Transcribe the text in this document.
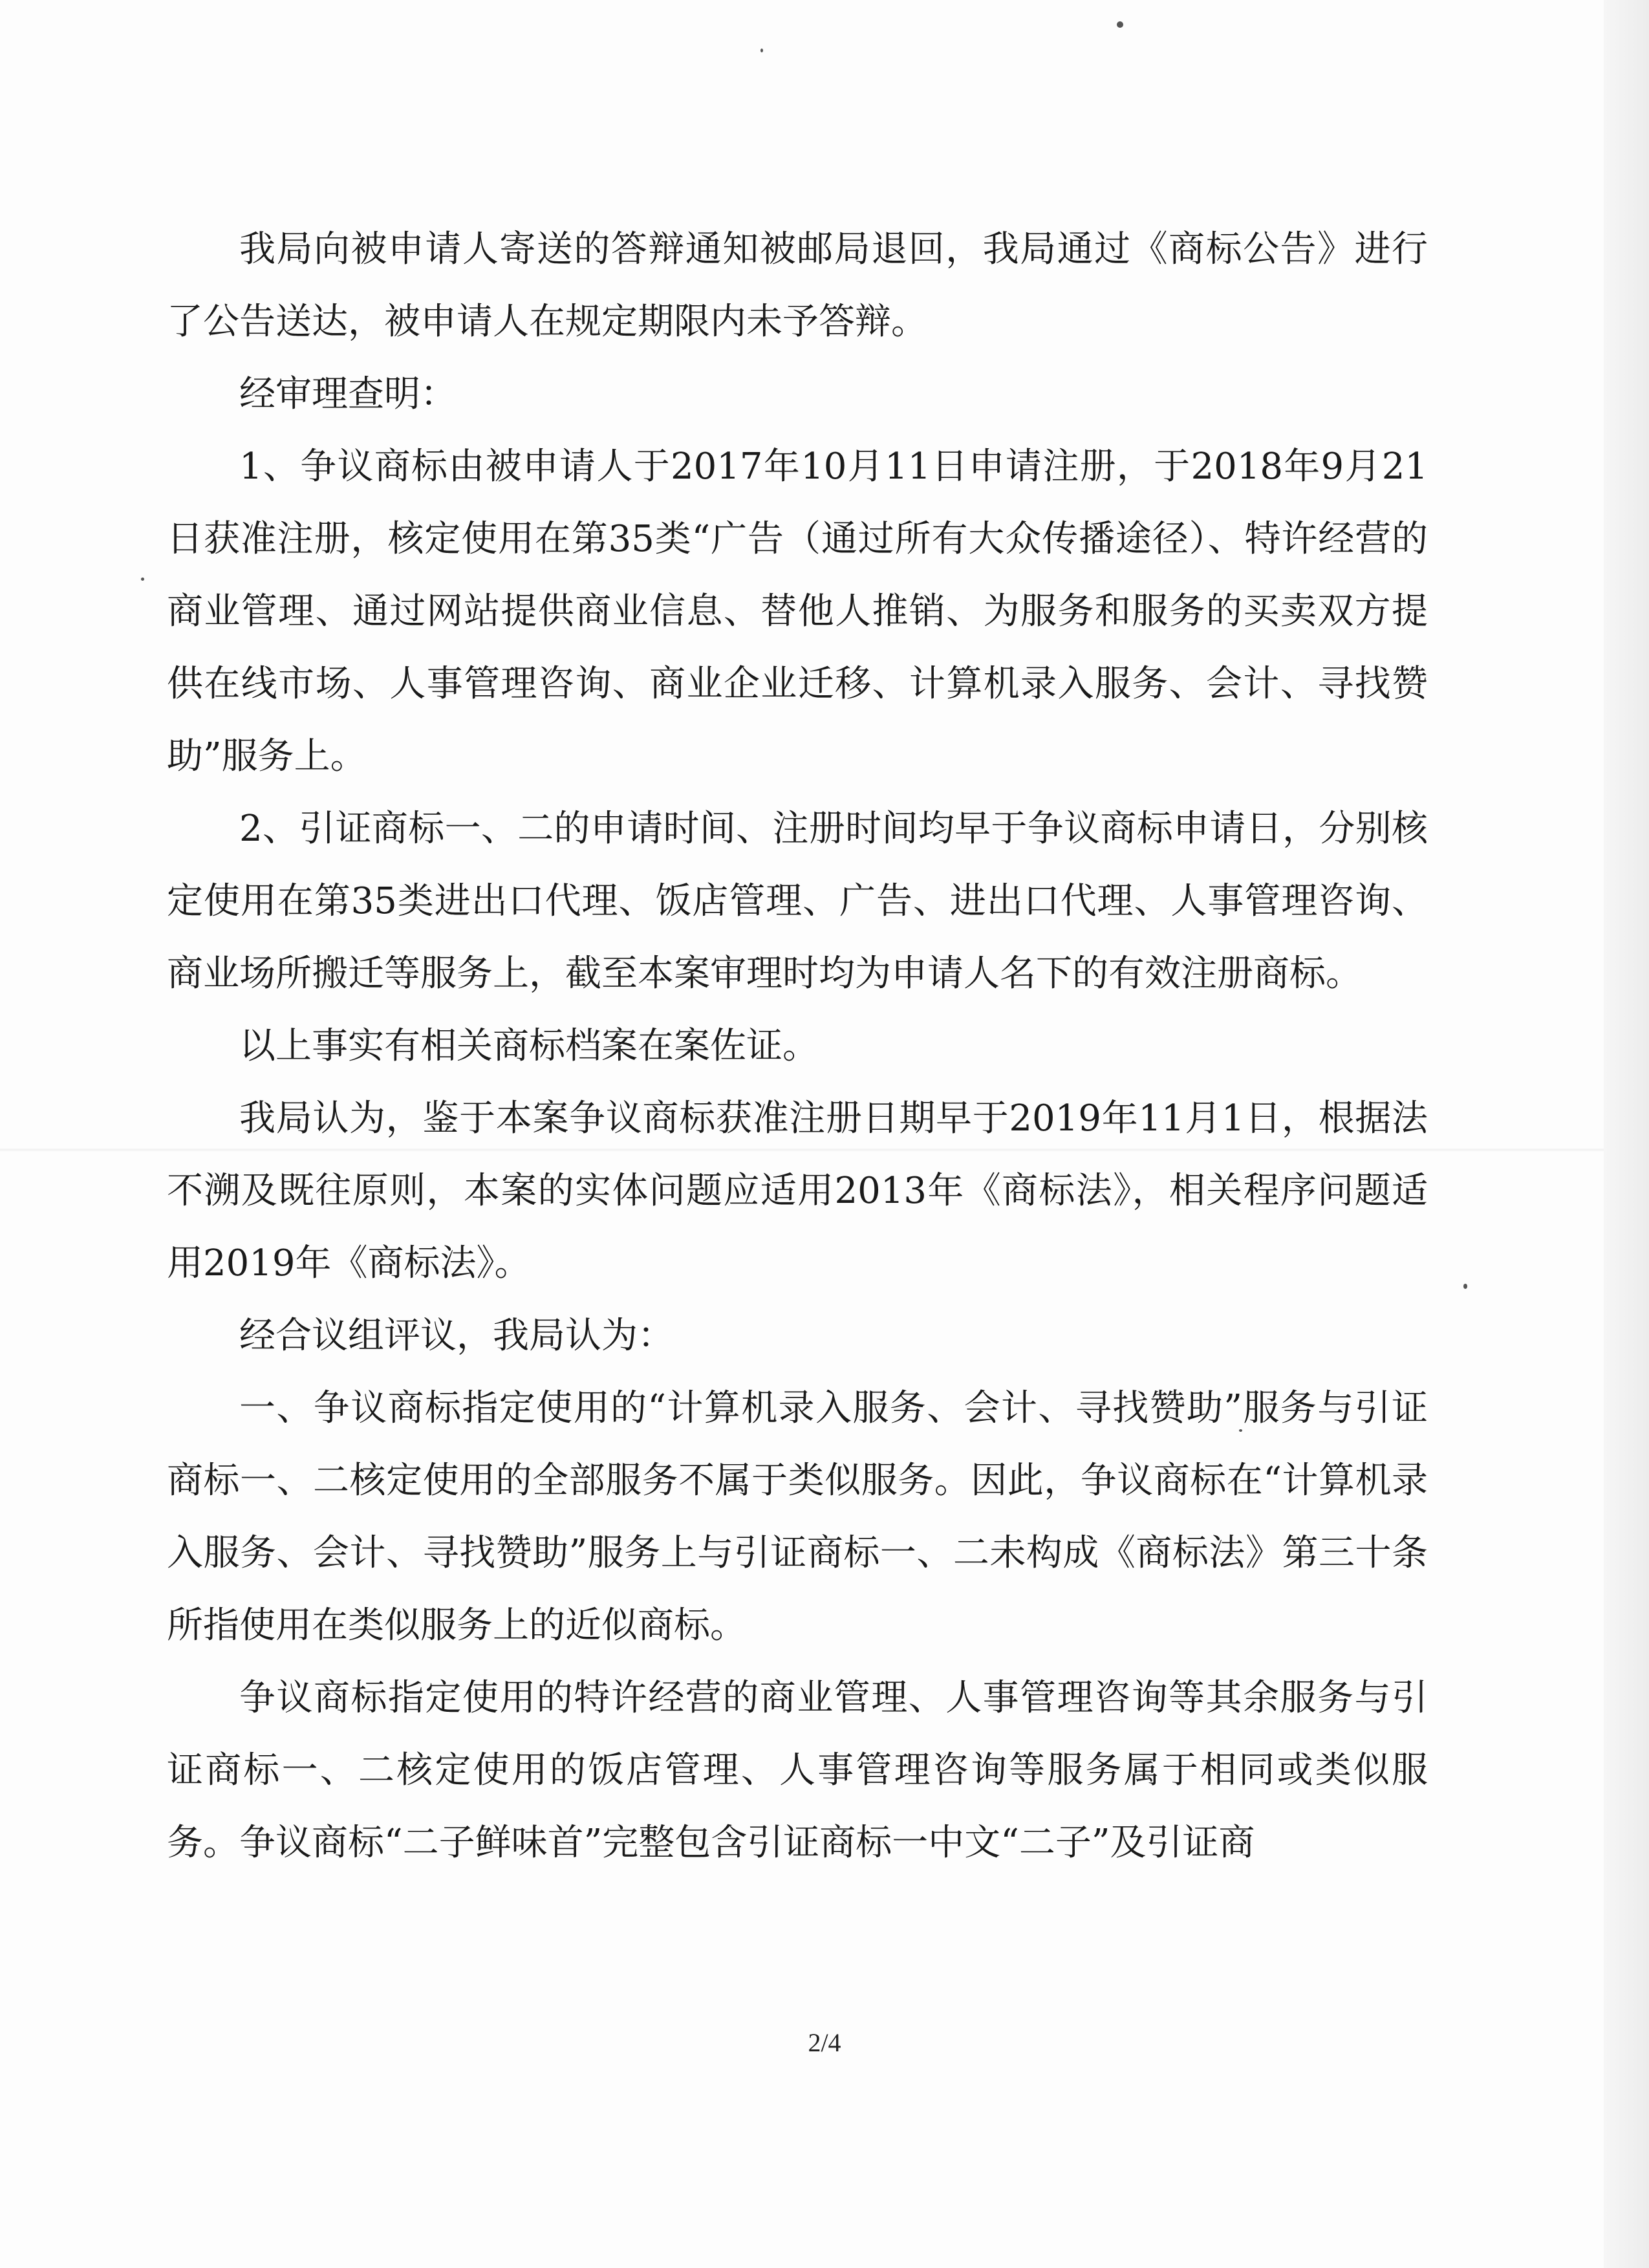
我局向被申请人寄送的答辩通知被邮局退回，我局通过《商标公告》进行了公告送达，被申请人在规定期限内未予答辩。

经审理查明：

1、争议商标由被申请人于2017年10月11日申请注册，于2018年9月21日获准注册，核定使用在第35类“广告（通过所有大众传播途径）、特许经营的商业管理、通过网站提供商业信息、替他人推销、为服务和服务的买卖双方提供在线市场、人事管理咨询、商业企业迁移、计算机录入服务、会计、寻找赞助”服务上。

2、引证商标一、二的申请时间、注册时间均早于争议商标申请日，分别核定使用在第35类进出口代理、饭店管理、广告、进出口代理、人事管理咨询、商业场所搬迁等服务上，截至本案审理时均为申请人名下的有效注册商标。

以上事实有相关商标档案在案佐证。

我局认为，鉴于本案争议商标获准注册日期早于2019年11月1日，根据法不溯及既往原则，本案的实体问题应适用2013年《商标法》，相关程序问题适用2019年《商标法》。

经合议组评议，我局认为：

一、争议商标指定使用的“计算机录入服务、会计、寻找赞助”服务与引证商标一、二核定使用的全部服务不属于类似服务。因此，争议商标在“计算机录入服务、会计、寻找赞助”服务上与引证商标一、二未构成《商标法》第三十条所指使用在类似服务上的近似商标。

争议商标指定使用的特许经营的商业管理、人事管理咨询等其余服务与引证商标一、二核定使用的饭店管理、人事管理咨询等服务属于相同或类似服务。争议商标“二子鲜味首”完整包含引证商标一中文“二子”及引证商

2/4
